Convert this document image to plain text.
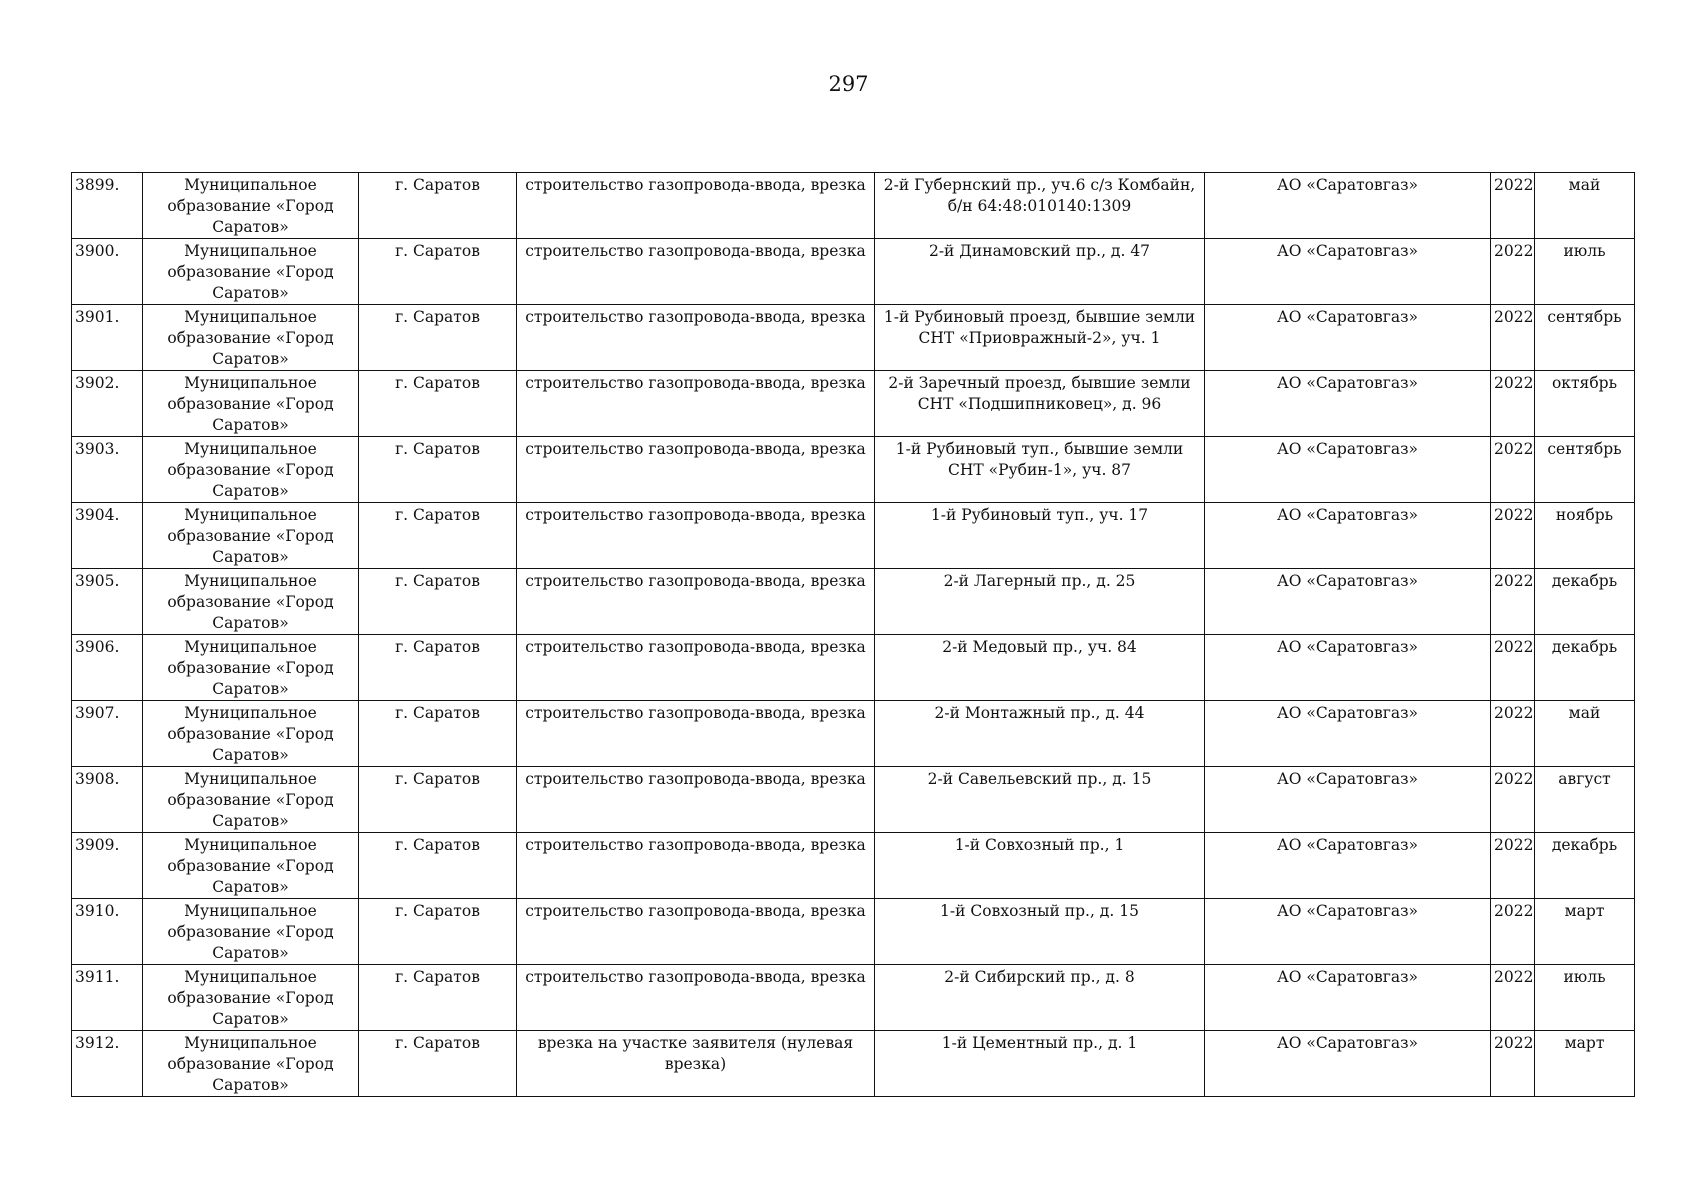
297
3899.	Муниципальное образование «Город Саратов»	г. Саратов	строительство газопровода-ввода, врезка	2-й Губернский пр., уч.6 с/з Комбайн, б/н 64:48:010140:1309	АО «Саратовгаз»	2022	май
3900.	Муниципальное образование «Город Саратов»	г. Саратов	строительство газопровода-ввода, врезка	2-й Динамовский пр., д. 47	АО «Саратовгаз»	2022	июль
3901.	Муниципальное образование «Город Саратов»	г. Саратов	строительство газопровода-ввода, врезка	1-й Рубиновый проезд, бывшие земли СНТ «Приовражный-2», уч. 1	АО «Саратовгаз»	2022	сентябрь
3902.	Муниципальное образование «Город Саратов»	г. Саратов	строительство газопровода-ввода, врезка	2-й Заречный проезд, бывшие земли СНТ «Подшипниковец», д. 96	АО «Саратовгаз»	2022	октябрь
3903.	Муниципальное образование «Город Саратов»	г. Саратов	строительство газопровода-ввода, врезка	1-й Рубиновый туп., бывшие земли СНТ «Рубин-1», уч. 87	АО «Саратовгаз»	2022	сентябрь
3904.	Муниципальное образование «Город Саратов»	г. Саратов	строительство газопровода-ввода, врезка	1-й Рубиновый туп., уч. 17	АО «Саратовгаз»	2022	ноябрь
3905.	Муниципальное образование «Город Саратов»	г. Саратов	строительство газопровода-ввода, врезка	2-й Лагерный пр., д. 25	АО «Саратовгаз»	2022	декабрь
3906.	Муниципальное образование «Город Саратов»	г. Саратов	строительство газопровода-ввода, врезка	2-й Медовый пр., уч. 84	АО «Саратовгаз»	2022	декабрь
3907.	Муниципальное образование «Город Саратов»	г. Саратов	строительство газопровода-ввода, врезка	2-й Монтажный пр., д. 44	АО «Саратовгаз»	2022	май
3908.	Муниципальное образование «Город Саратов»	г. Саратов	строительство газопровода-ввода, врезка	2-й Савельевский пр., д. 15	АО «Саратовгаз»	2022	август
3909.	Муниципальное образование «Город Саратов»	г. Саратов	строительство газопровода-ввода, врезка	1-й Совхозный пр., 1	АО «Саратовгаз»	2022	декабрь
3910.	Муниципальное образование «Город Саратов»	г. Саратов	строительство газопровода-ввода, врезка	1-й Совхозный пр., д. 15	АО «Саратовгаз»	2022	март
3911.	Муниципальное образование «Город Саратов»	г. Саратов	строительство газопровода-ввода, врезка	2-й Сибирский пр., д. 8	АО «Саратовгаз»	2022	июль
3912.	Муниципальное образование «Город Саратов»	г. Саратов	врезка на участке заявителя (нулевая врезка)	1-й Цементный пр., д. 1	АО «Саратовгаз»	2022	март
